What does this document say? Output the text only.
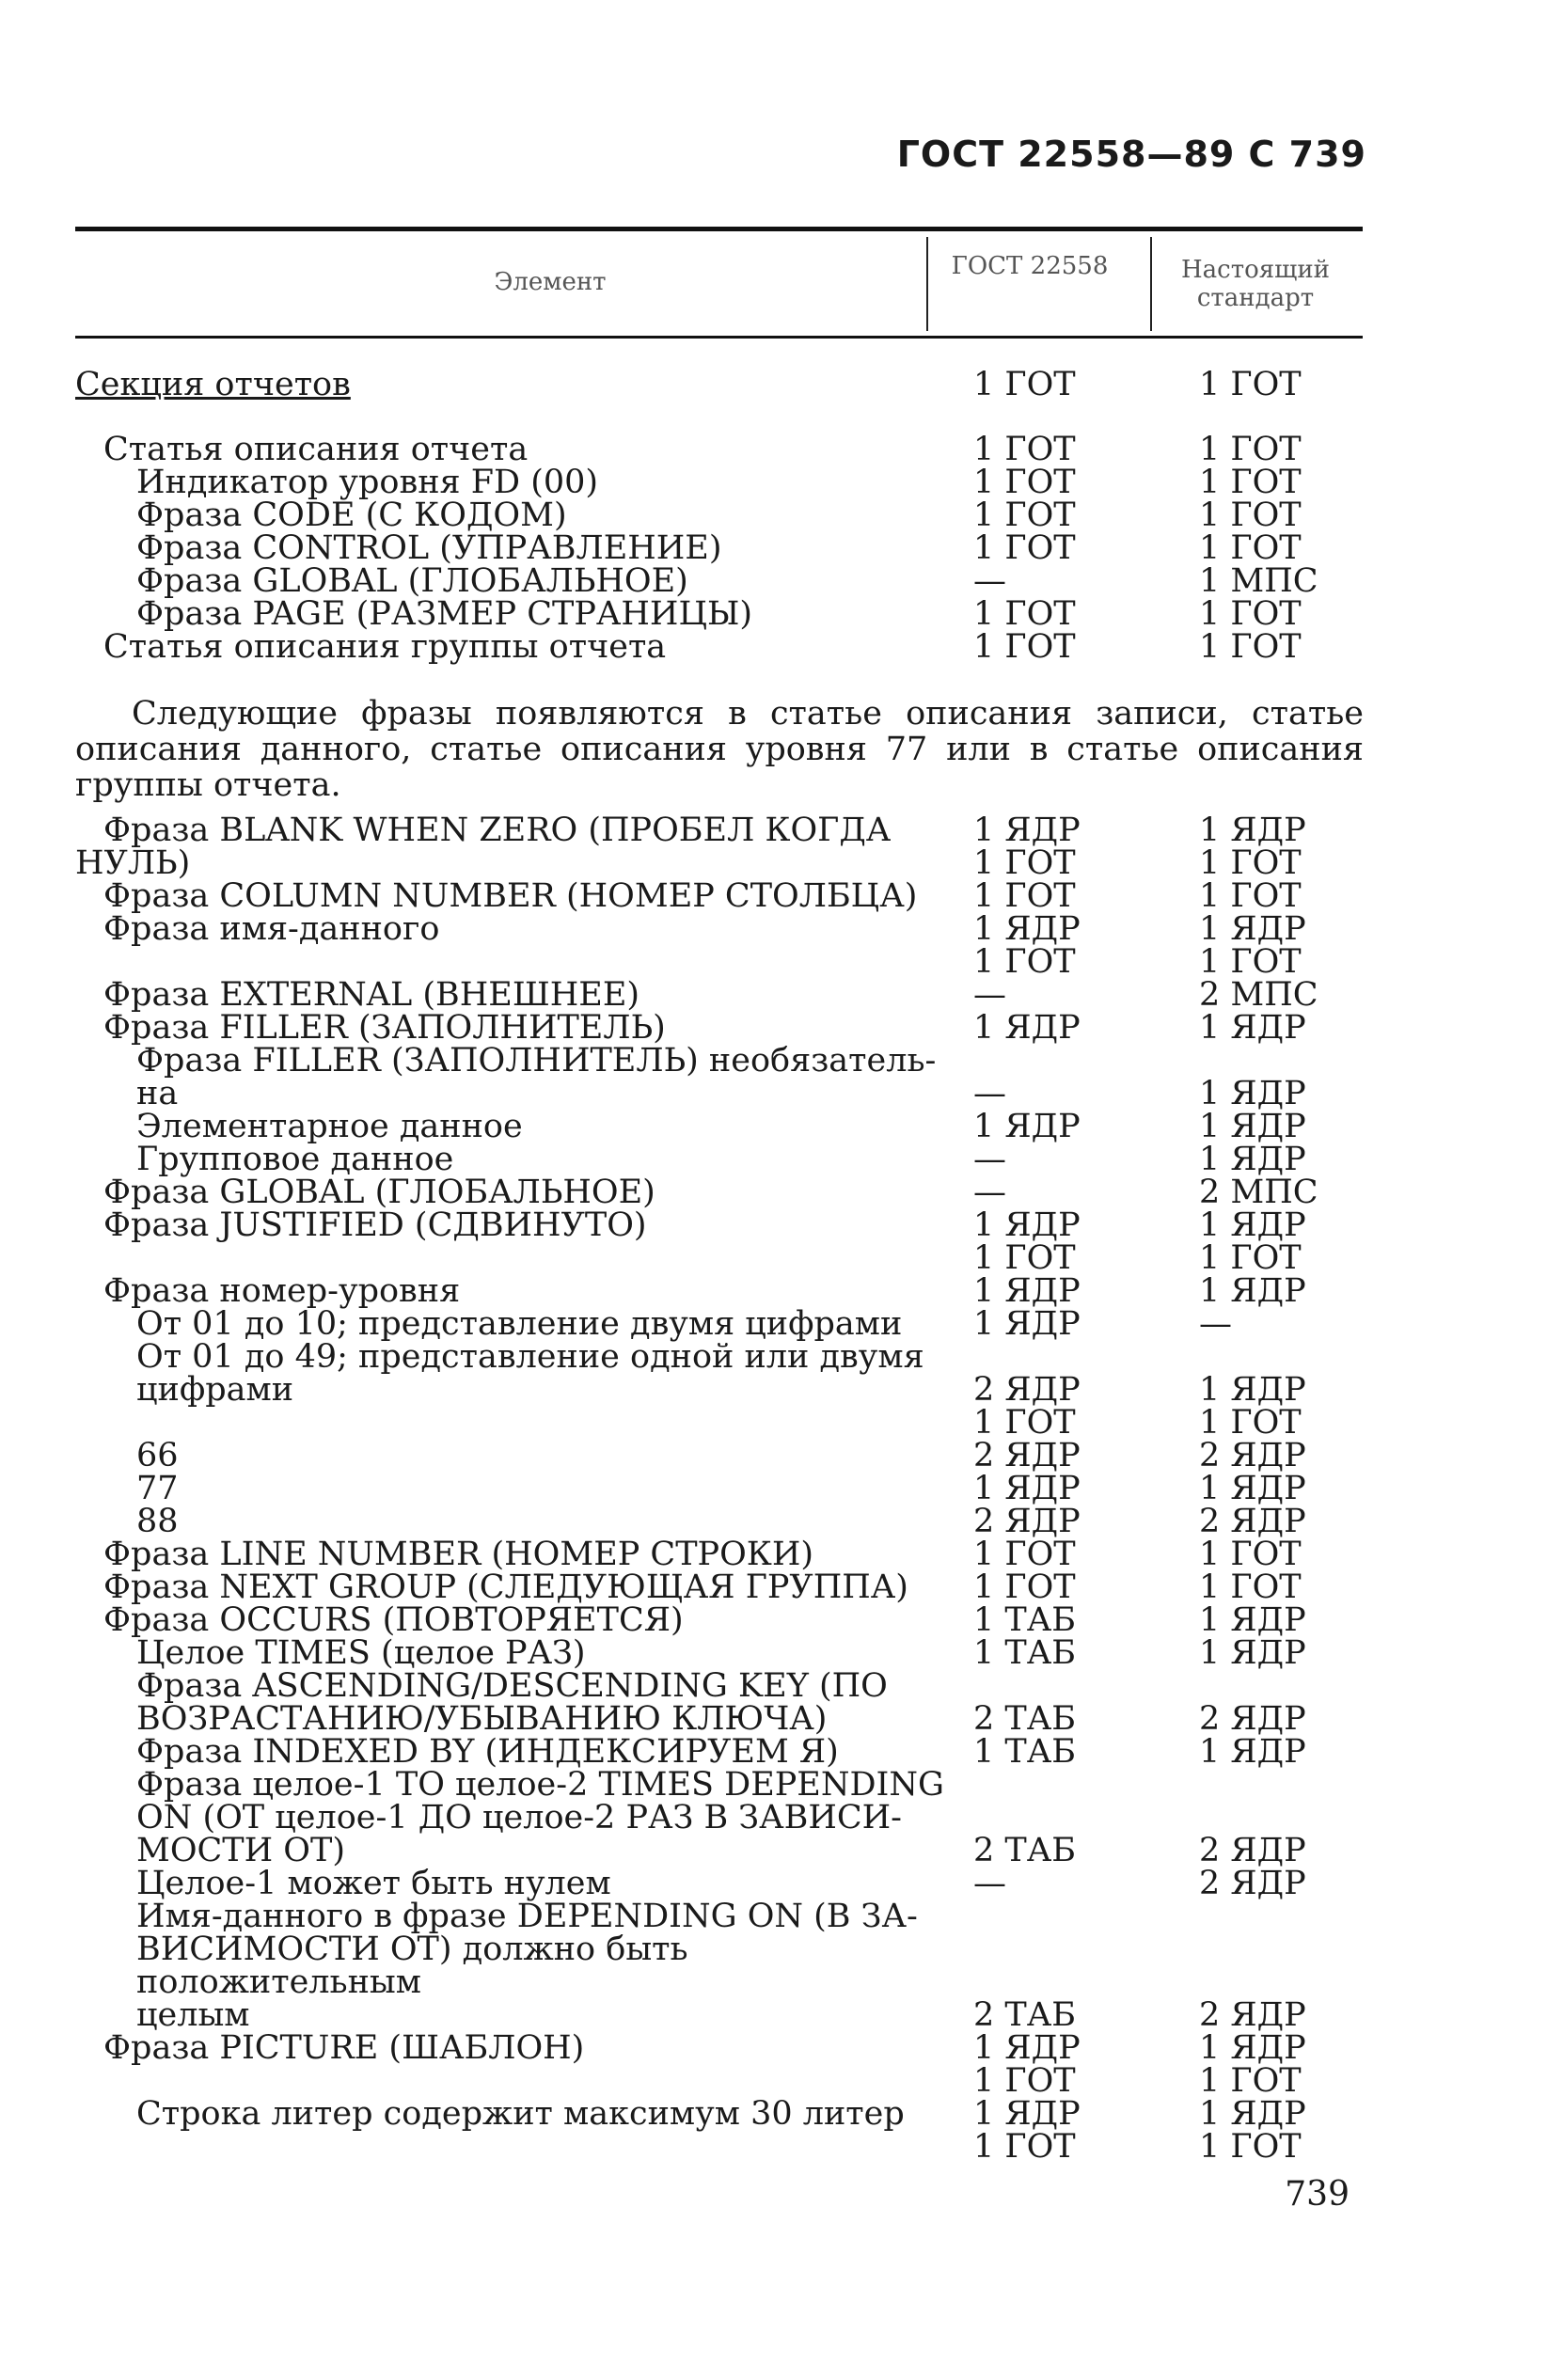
ГОСТ 22558—89 С 739
Элемент
ГОСТ 22558	Настоящий стандарт
Секция отчетов	1 ГОТ	1 ГОТ
Статья описания отчета	1 ГОТ	1 ГОТ
Индикатор уровня FD (00)	1 ГОТ	1 ГОТ
Фраза CODE (С КОДОМ)	1 ГОТ	1 ГОТ
Фраза CONTROL (УПРАВЛЕНИЕ)	1 ГОТ	1 ГОТ
Фраза GLOBAL (ГЛОБАЛЬНОЕ)	—	1 МПС
Фраза PAGE (РАЗМЕР СТРАНИЦЫ)	1 ГОТ	1 ГОТ
Статья описания группы отчета	1 ГОТ	1 ГОТ
Следующие фразы появляются в статье описания записи, статье описания данного, статье описания уровня 77 или в статье описания группы отчета.
Фраза BLANK WHEN ZERO (ПРОБЕЛ КОГДА	1 ЯДР	1 ЯДР
НУЛЬ)	1 ГОТ	1 ГОТ
Фраза COLUMN NUMBER (НОМЕР СТОЛБЦА)	1 ГОТ	1 ГОТ
Фраза имя-данного	1 ЯДР	1 ЯДР
1 ГОТ	1 ГОТ
Фраза EXTERNAL (ВНЕШНЕЕ)	—	2 МПС
Фраза FILLER (ЗАПОЛНИТЕЛЬ)	1 ЯДР	1 ЯДР
Фраза FILLER (ЗАПОЛНИТЕЛЬ) необязатель-
на	—	1 ЯДР
Элементарное данное	1 ЯДР	1 ЯДР
Групповое данное	—	1 ЯДР
Фраза GLOBAL (ГЛОБАЛЬНОЕ)	—	2 МПС
Фраза JUSTIFIED (СДВИНУТО)	1 ЯДР	1 ЯДР
1 ГОТ	1 ГОТ
Фраза номер-уровня	1 ЯДР	1 ЯДР
От 01 до 10; представление двумя цифрами	1 ЯДР	—
От 01 до 49; представление одной или двумя
цифрами	2 ЯДР	1 ЯДР
1 ГОТ	1 ГОТ
66	2 ЯДР	2 ЯДР
77	1 ЯДР	1 ЯДР
88	2 ЯДР	2 ЯДР
Фраза LINE NUMBER (НОМЕР СТРОКИ)	1 ГОТ	1 ГОТ
Фраза NEXT GROUP (СЛЕДУЮЩАЯ ГРУППА)	1 ГОТ	1 ГОТ
Фраза OCCURS (ПОВТОРЯЕТСЯ)	1 ТАБ	1 ЯДР
Целое TIMES (целое РАЗ)	1 ТАБ	1 ЯДР
Фраза ASCENDING/DESCENDING KEY (ПО
ВОЗРАСТАНИЮ/УБЫВАНИЮ КЛЮЧА)	2 ТАБ	2 ЯДР
Фраза INDEXED BY (ИНДЕКСИРУЕМ Я)	1 ТАБ	1 ЯДР
Фраза целое-1 TO целое-2 TIMES DEPENDING
ON (ОТ целое-1 ДО целое-2 РАЗ В ЗАВИСИ-
МОСТИ ОТ)	2 ТАБ	2 ЯДР
Целое-1 может быть нулем	—	2 ЯДР
Имя-данного в фразе DEPENDING ON (В ЗА-
ВИСИМОСТИ ОТ) должно быть положительным
целым	2 ТАБ	2 ЯДР
Фраза PICTURE (ШАБЛОН)	1 ЯДР	1 ЯДР
1 ГОТ	1 ГОТ
Строка литер содержит максимум 30 литер	1 ЯДР	1 ЯДР
1 ГОТ	1 ГОТ
739
